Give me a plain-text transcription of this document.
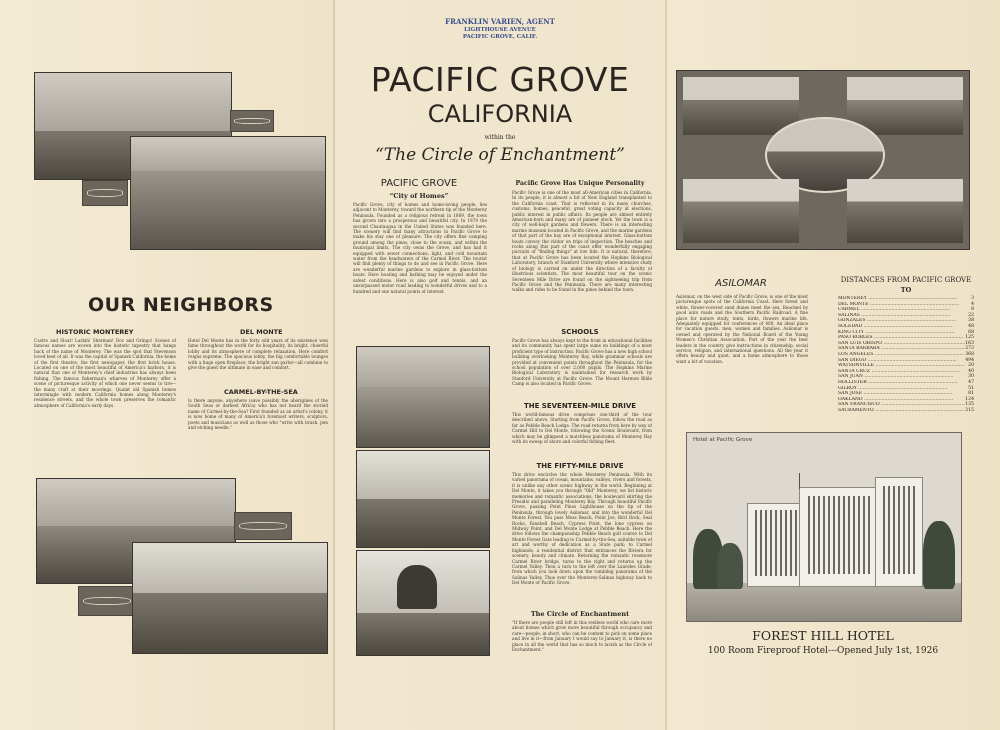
OUR NEIGHBORS
HISTORIC MONTEREY
Castro and Sloat! Larkin! Sherman! Doc and Gringo! Scenes of famous names are woven into the historic tapestry that hangs back of the name of Monterey. The was the spot that Stevenson loved best of all. It was the capital of Spanish California, the home of the first theatre, the first newspaper, the first brick house. Located on one of the most beautiful of America's harbors, it is natural that one of Monterey's chief industries has always been fishing. The famous fisherman's wharves of Monterey offer a scene of picturesque activity of which one never seems to tire—the many craft at their moorings. Quaint old Spanish homes intermingle with modern California homes along Monterey's residence streets, and the whole town preserves the romantic atmosphere of California's early days.
DEL MONTE
Hotel Del Monte has in the forty odd years of its existence won fame throughout the world for its hospitality, its bright, cheerful lobby and its atmosphere of complete relaxation. Here comfort reigns supreme. The spacious lobby, the big comfortable lounges with a huge open fireplace, the bright sun parlor—all combine to give the guest the ultimate in ease and comfort.
CARMEL-BY-THE-SEA
Is there anyone, anywhere (save possibly the aborigines of the South Seas or darkest Africa) who has not heard the storied name of Carmel-by-the-Sea? First founded as an artist's colony, it is now home of many of America's foremost writers, sculptors, poets and musicians as well as those who "write with brush, pen and etching needle."
FRANKLIN VARIEN, AGENT
LIGHTHOUSE AVENUE
PACIFIC GROVE, CALIF.
PACIFIC GROVE
CALIFORNIA
within the
“The Circle of Enchantment”
PACIFIC GROVE
“City of Homes”
Pacific Grove, city of homes and home-loving people, lies adjacent to Monterey, toward the northern tip of the Monterey Peninsula. Founded as a religious retreat in 1869, the town has grown into a prosperous and beautiful city. In 1879 the second Chautauqua in the United States was founded here. The scenery will find many attractions in Pacific Grove to make his stay one of pleasure. The city offers fine camping ground among the pines, close to the ocean, and within the municipal limits. The city owns the Grove, and has had it equipped with sewer connections, light, and cold mountain water from the headwaters of the Carmel River. The tourist will find plenty of things to do and see in Pacific Grove. Here are wonderful marine gardens to explore in glass-bottom boats. Here boating and bathing may be enjoyed under the safest conditions. Here is also golf and tennis, and an unsurpassed motor road leading to wonderful drives and to a hundred and one natural points of interest.
Pacific Grove Has Unique Personality
Pacific Grove is one of the most all-American cities in California. In its people, it is almost a bit of New England transplanted to the California coast. That is reflected in its many churches, customs, homes, peaceful, great voting capacity at elections, public interest in public affairs. Its people are almost entirely American-born and many are of pioneer stock. Yet the town is a city of well-kept gardens and flowers. There is an interesting marine museum located in Pacific Grove, and the marine gardens of that part of the bay are of exceptional interest. Glass-bottom boats convey the visitor on trips of inspection. The beaches and rocks along this part of the coast offer wonderfully engaging pursuits of "finding things" at low tide. It is natural, therefore, that at Pacific Grove has been located the Hopkins Biological Laboratory, branch of Stanford University where intensive study of biology is carried on under the direction of a faculty of illustrious scientists. The most beautiful tour on the scenic Seventeen Mile Drive are found on the sightseeing trip from Pacific Grove and the Peninsula. There are many interesting walks and rides to be found in the pines behind the town.
SCHOOLS
Pacific Grove has always kept to the front in educational facilities and its community has spent large sums on buildings of a most proficient type of instruction. Pacific Grove has a new high school building overlooking Monterey Bay, while grammar schools are provided at convenient points throughout the Peninsula, for the school population of over 2,000 pupils. The Hopkins Marine Biological Laboratory is maintained for research work by Stanford University at Pacific Grove. The Mount Hermon Bible Camp is also located in Pacific Grove.
THE SEVENTEEN-MILE DRIVE
This world-famous drive comprises one-third of the tour described above. Starting from Pacific Grove, follow the road as far as Pebble Beach Lodge. The road returns from here by way of Carmel Hill to Del Monte, following the Scenic Boulevard, from which may be glimpsed a matchless panorama of Monterey Bay with its sweep of shore and colorful fishing fleet.
THE FIFTY-MILE DRIVE
This drive encircles the whole Monterey Peninsula. With its varied panorama of ocean, mountains, valleys, rivers and forests, it is unlike any other scenic highway in the world. Beginning at Del Monte, it takes you through "Old" Monterey, we list historic memories and romantic associations, the boulevard skirting the Presidio and paralleling Monterey Bay. Through beautiful Pacific Grove, passing Point Pinos Lighthouse on the tip of the Peninsula, through lovely Asilomar, and into the wonderful Del Monte Forest. You pass Moss Beach, Point Joe, Bird Rock, Seal Rocks, Fanshell Beach, Cypress Point, the lone cypress on Midway Point, and Del Monte Lodge at Pebble Beach. Here the drive follows the championship Pebble Beach golf course to Del Monte Forest Gate leading to Carmel-by-the-Sea, suitable town of art and worthy of dedication as a State park; to Carmel highlands, a residential district that entrances the Riviera for scenery, beauty and climate. Returning the romantic rosemore Carmel River bridge, turns to the right and returns up the Carmel Valley. Then a turn to the left over the Laureles Grade, from which you look down upon the rambling panorama of the Salinas Valley. Thus over the Monterey-Salinas highway back to Del Monte or Pacific Grove.
The Circle of Enchantment
"If there are people still left in this restless world who care more about homes which grow more beautiful through occupancy and care—people, in short, who can be content to pick on some place and live in it—from January I would say to January it, is there no place in all the world that has so much to lavish as the Circle of Enchantment."
ASILOMAR
Asilomar, on the west side of Pacific Grove, is one of the most picturesque spots of the California Coast. Here forest and white, flower-covered sand dunes meet the sea. Reached by good auto roads and the Southern Pacific Railroad. A fine place for nature study, tents, birds, flowers marine life. Adequately equipped for conferences of 400. An ideal place for vacation guests, men, women and families. Asilomar is owned and operated by the National Board of the Young Women's Christian Association. Part of the year the best leaders in the country give instructions in citizenship, social service, religion, and international questions. All the year it offers beauty and quiet, and a home atmosphere to those want a bit of vacation.
DISTANCES FROM PACIFIC GROVE
TO
MONTEREY .....	3
DEL MONTE .....	4
CARMEL .....	8
SALINAS .....	22
GONZALES .....	38
SOLEDAD .....	48
KING CITY .....	68
PASO ROBLES .....	125
SAN LUIS OBISPO .....	163
SANTA BARBARA .....	273
LOS ANGELES .....	368
SAN DIEGO .....	494
WATSONVILLE .....	20
SANTA CRUZ .....	40
SAN JUAN .....	30
HOLLISTER .....	47
GILROY .....	51
SAN JOSE .....	81
OAKLAND .....	124
SAN FRANCISCO .....	135
SACRAMENTO .....	215
Hotel at Pacific Grove
FOREST HILL HOTEL
100 Room Fireproof Hotel---Opened July 1st, 1926
